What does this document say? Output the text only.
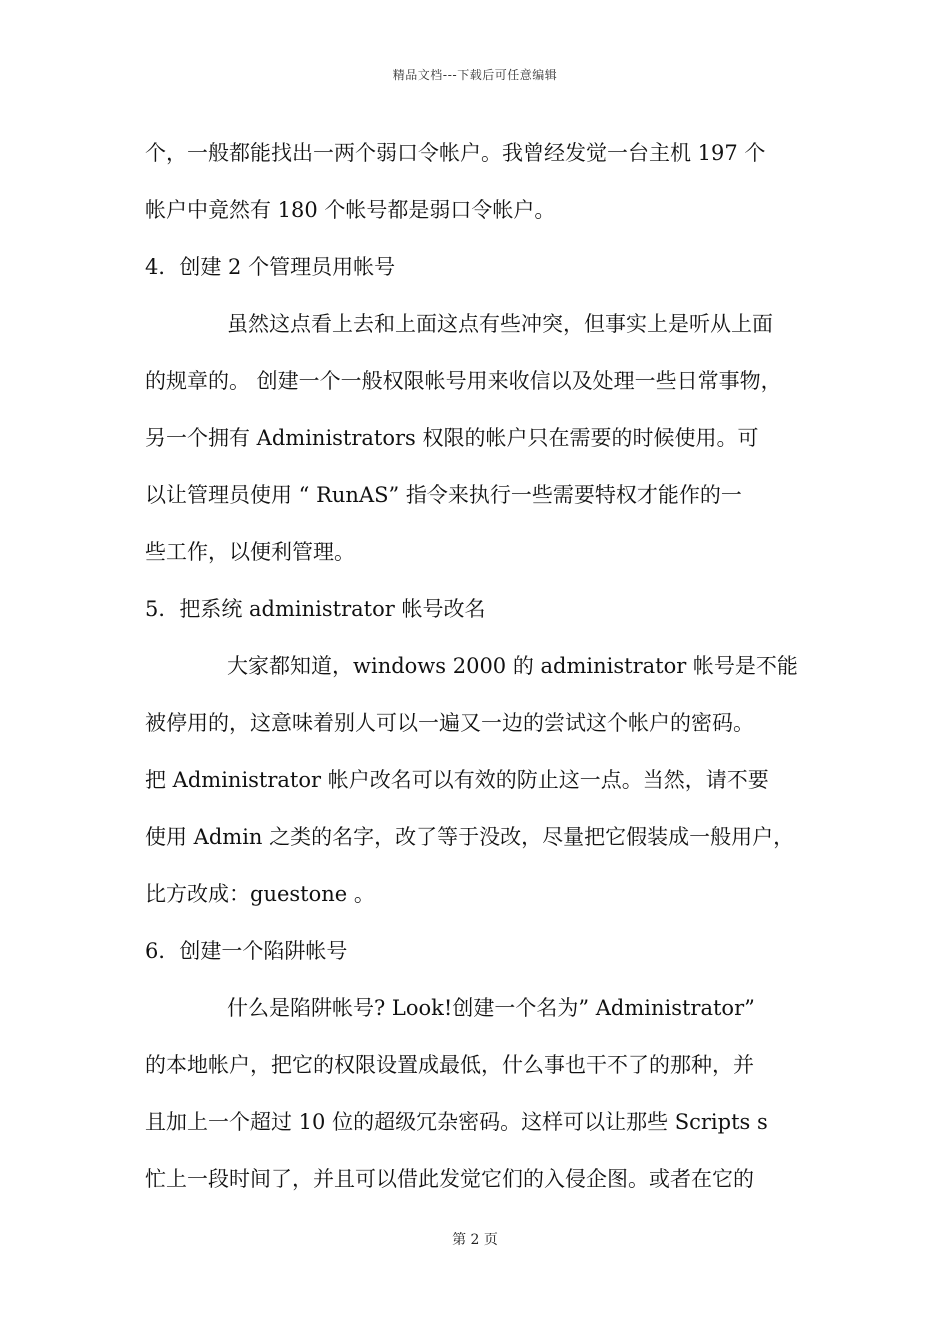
精品文档---下载后可任意编辑
个，一般都能找出一两个弱口令帐户。我曾经发觉一台主机 197 个
帐户中竟然有 180 个帐号都是弱口令帐户。
4．创建 2 个管理员用帐号
虽然这点看上去和上面这点有些冲突，但事实上是听从上面
的规章的。 创建一个一般权限帐号用来收信以及处理一些日常事物，
另一个拥有 Administrators 权限的帐户只在需要的时候使用。可
以让管理员使用 “ RunAS” 指令来执行一些需要特权才能作的一
些工作，以便利管理。
5．把系统 administrator 帐号改名
大家都知道，windows 2000 的 administrator 帐号是不能
被停用的，这意味着别人可以一遍又一边的尝试这个帐户的密码。
把 Administrator 帐户改名可以有效的防止这一点。当然，请不要
使用 Admin 之类的名字，改了等于没改，尽量把它假装成一般用户，
比方改成：guestone 。
6．创建一个陷阱帐号
什么是陷阱帐号? Look!创建一个名为” Administrator”
的本地帐户，把它的权限设置成最低，什么事也干不了的那种，并
且加上一个超过 10 位的超级冗杂密码。这样可以让那些 Scripts s
忙上一段时间了，并且可以借此发觉它们的入侵企图。或者在它的
第 2 页
